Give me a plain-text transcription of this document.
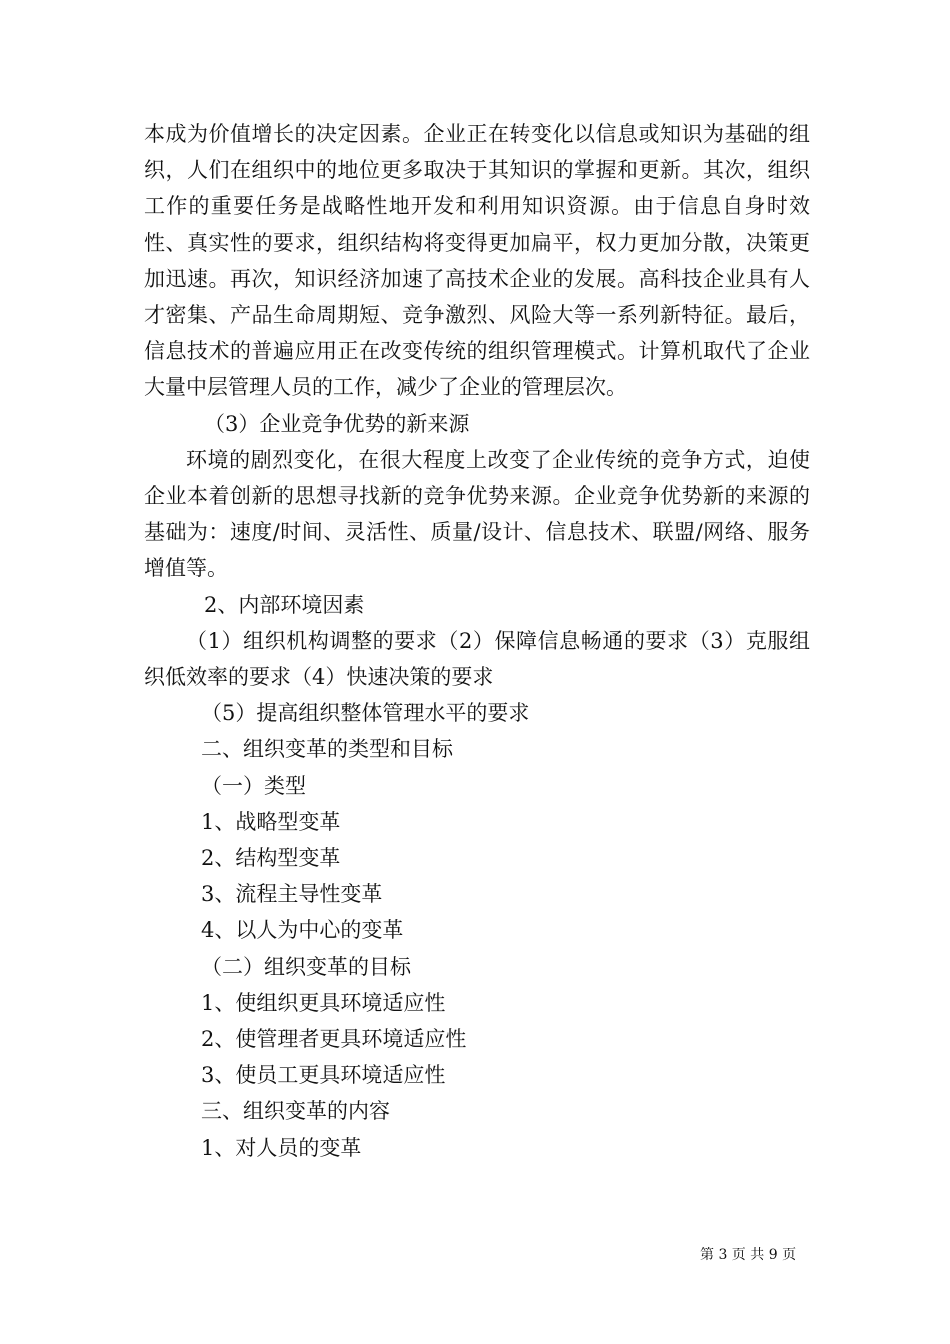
本成为价值增长的决定因素。企业正在转变化以信息或知识为基础的组织，人们在组织中的地位更多取决于其知识的掌握和更新。其次，组织工作的重要任务是战略性地开发和利用知识资源。由于信息自身时效性、真实性的要求，组织结构将变得更加扁平，权力更加分散，决策更加迅速。再次，知识经济加速了高技术企业的发展。高科技企业具有人才密集、产品生命周期短、竞争激烈、风险大等一系列新特征。最后，信息技术的普遍应用正在改变传统的组织管理模式。计算机取代了企业大量中层管理人员的工作，减少了企业的管理层次。

（3）企业竞争优势的新来源

环境的剧烈变化，在很大程度上改变了企业传统的竞争方式，迫使企业本着创新的思想寻找新的竞争优势来源。企业竞争优势新的来源的基础为：速度/时间、灵活性、质量/设计、信息技术、联盟/网络、服务增值等。

2、内部环境因素

（1）组织机构调整的要求（2）保障信息畅通的要求（3）克服组织低效率的要求（4）快速决策的要求

（5）提高组织整体管理水平的要求

二、组织变革的类型和目标

（一）类型

1、战略型变革

2、结构型变革

3、流程主导性变革

4、以人为中心的变革

（二）组织变革的目标

1、使组织更具环境适应性

2、使管理者更具环境适应性

3、使员工更具环境适应性

三、组织变革的内容

1、对人员的变革

第 3 页 共 9 页
